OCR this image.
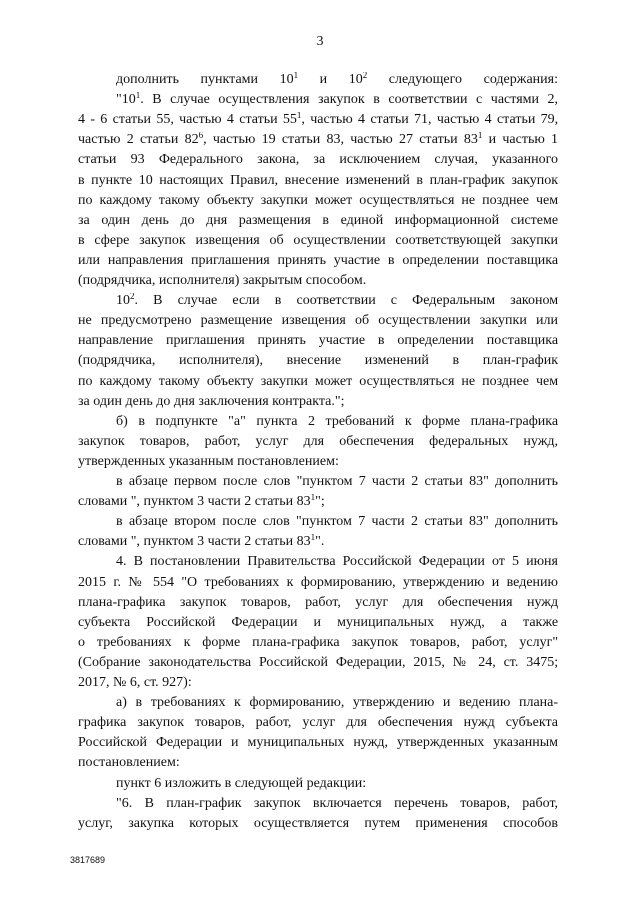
3
дополнить пунктами $10^1$ и $10^2$ следующего содержания:
"$10^1$. В случае осуществления закупок в соответствии с частями 2,
4 - 6 статьи 55, частью 4 статьи $55^1$, частью 4 статьи 71, частью 4 статьи 79,
частью 2 статьи $82^6$, частью 19 статьи 83, частью 27 статьи $83^1$ и частью 1
статьи 93 Федерального закона, за исключением случая, указанного
в пункте 10 настоящих Правил, внесение изменений в план-график закупок
по каждому такому объекту закупки может осуществляться не позднее чем
за один день до дня размещения в единой информационной системе
в сфере закупок извещения об осуществлении соответствующей закупки
или направления приглашения принять участие в определении поставщика
(подрядчика, исполнителя) закрытым способом.
$10^2$. В случае если в соответствии с Федеральным законом
не предусмотрено размещение извещения об осуществлении закупки или
направление приглашения принять участие в определении поставщика
(подрядчика, исполнителя), внесение изменений в план-график
по каждому такому объекту закупки может осуществляться не позднее чем
за один день до дня заключения контракта.";
б) в подпункте "а" пункта 2 требований к форме плана-графика
закупок товаров, работ, услуг для обеспечения федеральных нужд,
утвержденных указанным постановлением:
в абзаце первом после слов "пунктом 7 части 2 статьи 83" дополнить
словами ", пунктом 3 части 2 статьи $83^1$";
в абзаце втором после слов "пунктом 7 части 2 статьи 83" дополнить
словами ", пунктом 3 части 2 статьи $83^1$".
4. В постановлении Правительства Российской Федерации от 5 июня
2015 г. № 554 "О требованиях к формированию, утверждению и ведению
плана-графика закупок товаров, работ, услуг для обеспечения нужд
субъекта Российской Федерации и муниципальных нужд, а также
о требованиях к форме плана-графика закупок товаров, работ, услуг"
(Собрание законодательства Российской Федерации, 2015, № 24, ст. 3475;
2017, № 6, ст. 927):
а) в требованиях к формированию, утверждению и ведению плана-
графика закупок товаров, работ, услуг для обеспечения нужд субъекта
Российской Федерации и муниципальных нужд, утвержденных указанным
постановлением:
пункт 6 изложить в следующей редакции:
"6. В план-график закупок включается перечень товаров, работ,
услуг, закупка которых осуществляется путем применения способов
3817689
